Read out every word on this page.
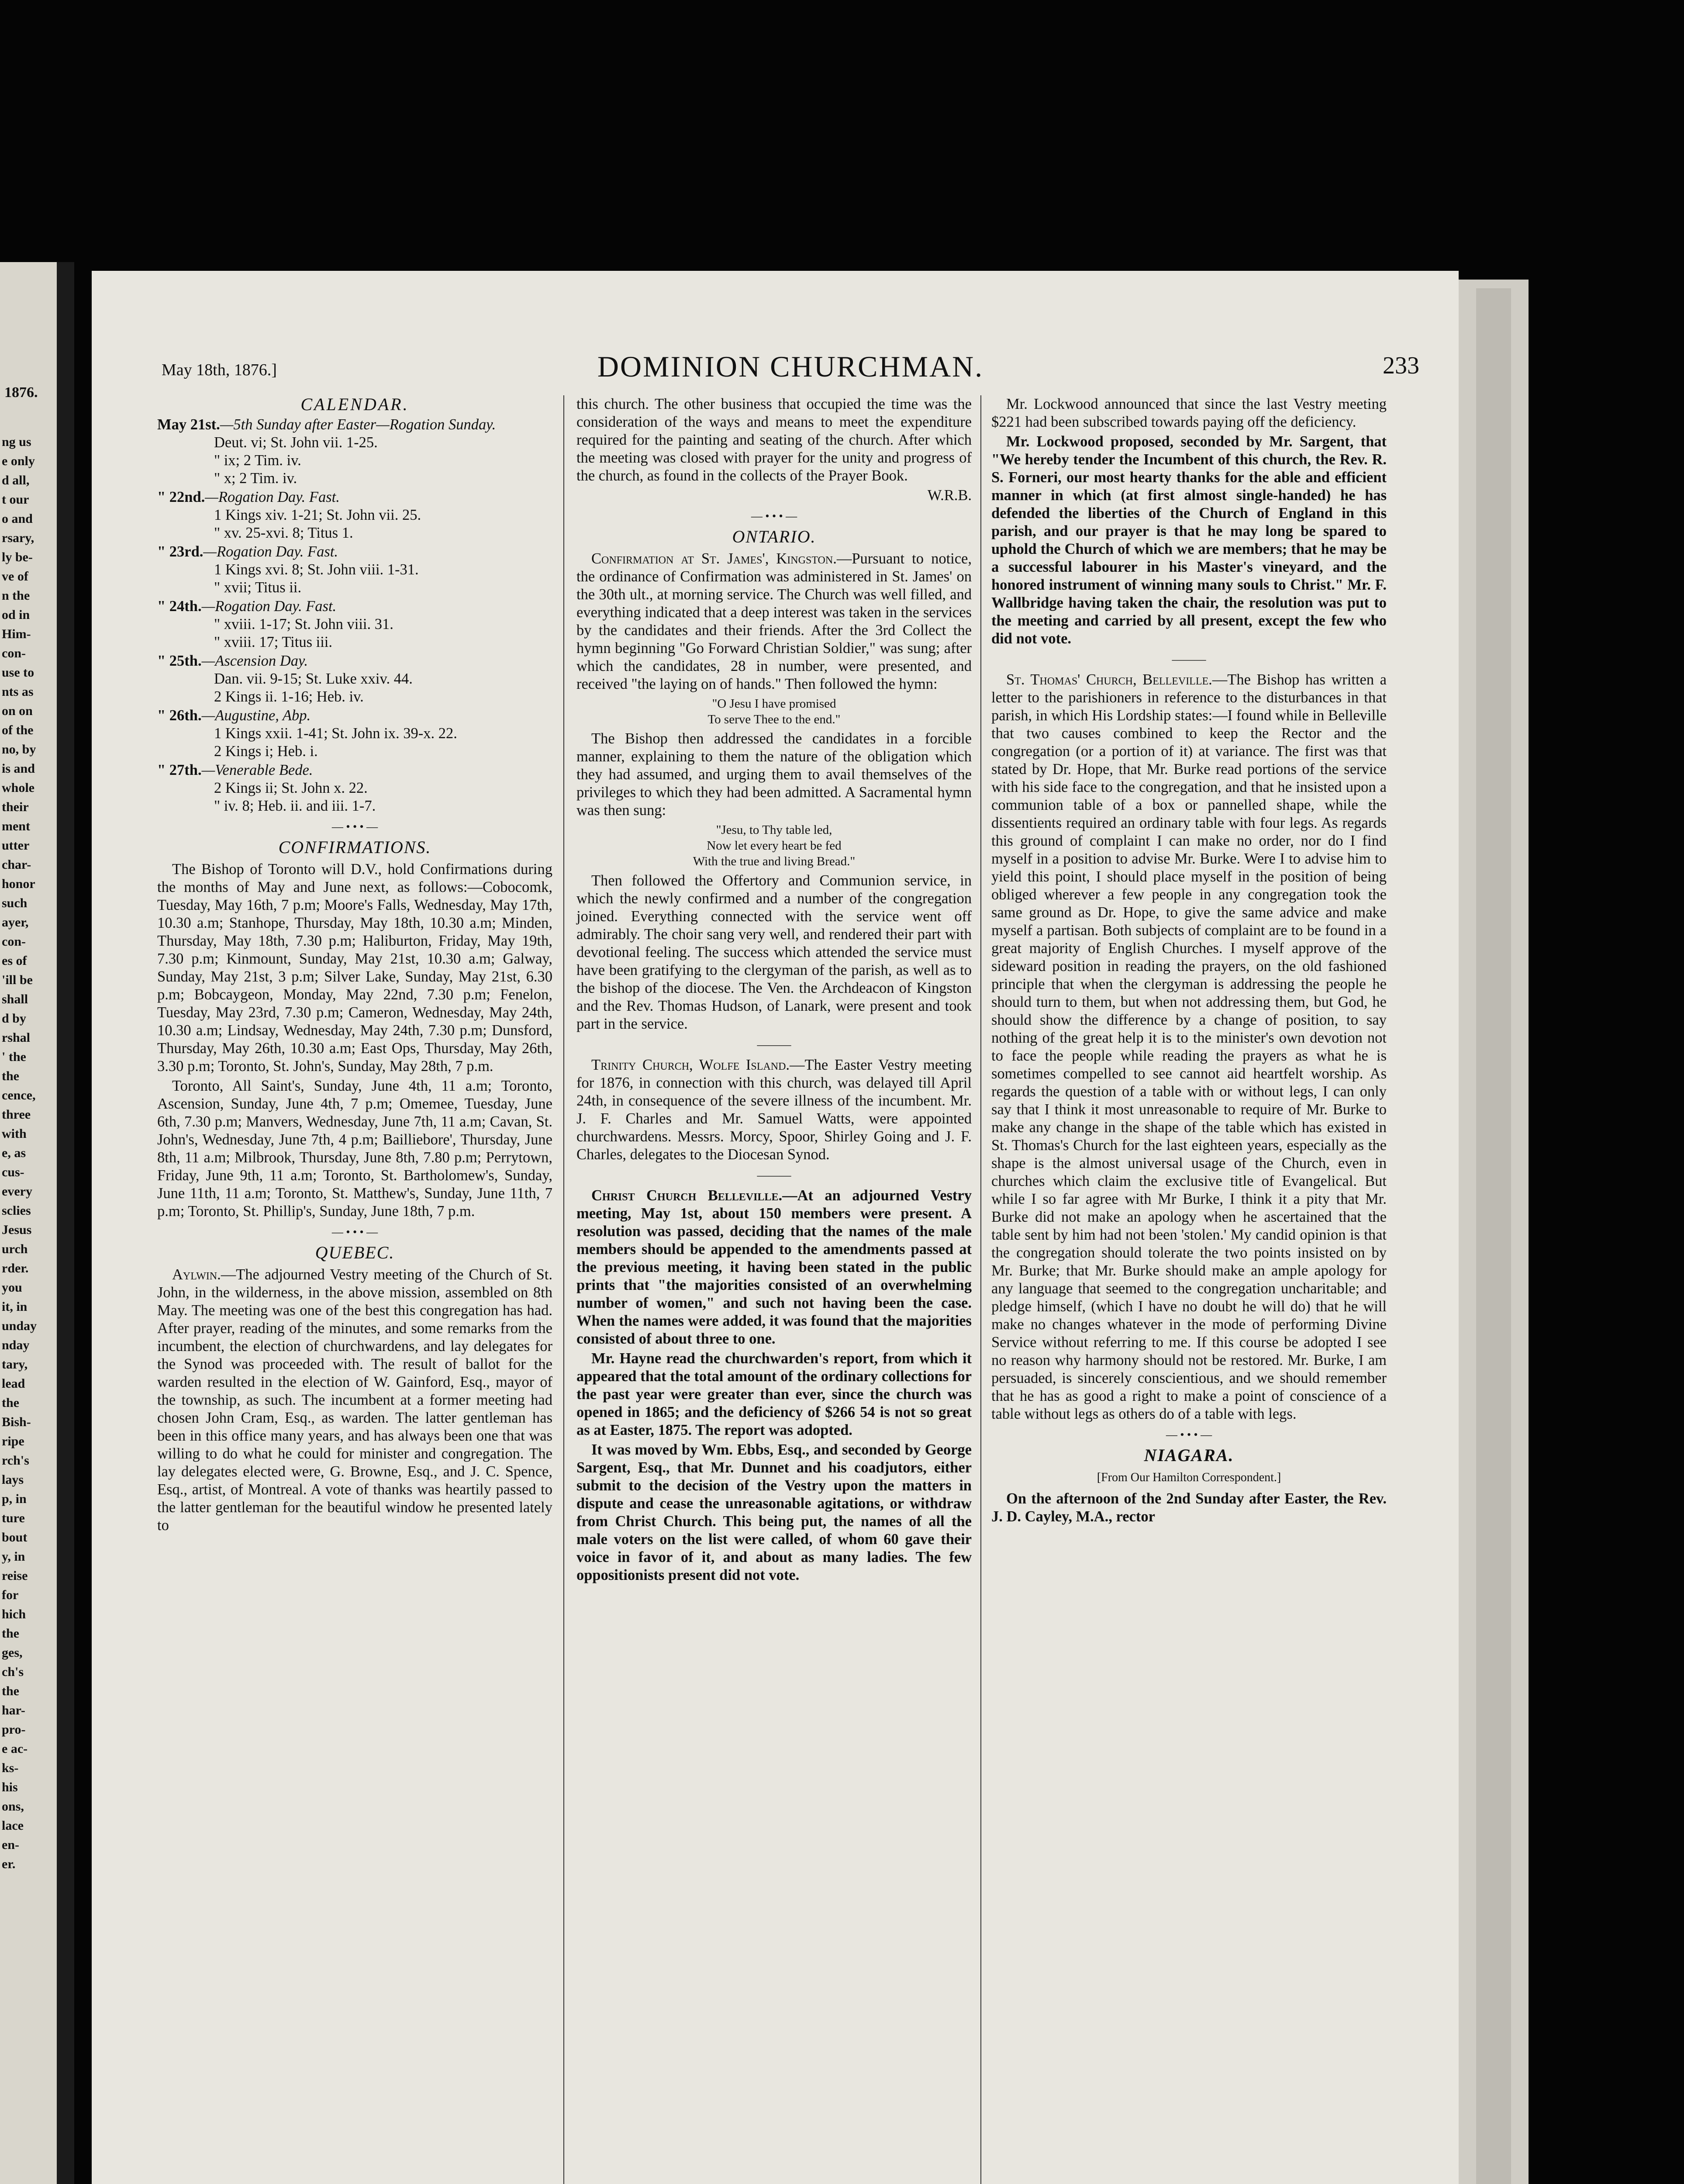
1876.
ng us
e only
d all,
t our
o and
rsary,
ly be-
ve of
n the
od in
Him-
con-
use to
nts as
on on
of the
no, by
is and
whole
their
ment
utter
char-
honor
such
ayer,
con-
es of
'ill be
shall
d by
rshal
' the
the
cence,
three
with
e, as
cus-
every
sclies
Jesus
urch
rder.
you
it, in
unday
nday
tary,
lead
the
Bish-
ripe
rch's
lays
p, in
ture
bout
y, in
reise
for
hich
the
ges,
ch's
the
har-
pro-
e ac-
ks-
his
ons,
lace
en-
er.
May 18th, 1876.]	DOMINION CHURCHMAN.	233
CALENDAR.
May 21st.—5th Sunday after Easter—Rogation Sunday.
Deut. vi; St. John vii. 1-25.
" ix; 2 Tim. iv.
" x; 2 Tim. iv.
" 22nd.—Rogation Day. Fast.
1 Kings xiv. 1-21; St. John vii. 25.
" xv. 25-xvi. 8; Titus 1.
" 23rd.—Rogation Day. Fast.
1 Kings xvi. 8; St. John viii. 1-31.
" xvii; Titus ii.
" 24th.—Rogation Day. Fast.
" xviii. 1-17; St. John viii. 31.
" xviii. 17; Titus iii.
" 25th.—Ascension Day.
Dan. vii. 9-15; St. Luke xxiv. 44.
2 Kings ii. 1-16; Heb. iv.
" 26th.—Augustine, Abp.
1 Kings xxii. 1-41; St. John ix. 39-x. 22.
2 Kings i; Heb. i.
" 27th.—Venerable Bede.
2 Kings ii; St. John x. 22.
" iv. 8; Heb. ii. and iii. 1-7.
— • • • —
CONFIRMATIONS.

The Bishop of Toronto will D.V., hold Confirmations during the months of May and June next, as follows:—Cobocomk, Tuesday, May 16th, 7 p.m; Moore's Falls, Wednesday, May 17th, 10.30 a.m; Stanhope, Thursday, May 18th, 10.30 a.m; Minden, Thursday, May 18th, 7.30 p.m; Haliburton, Friday, May 19th, 7.30 p.m; Kinmount, Sunday, May 21st, 10.30 a.m; Galway, Sunday, May 21st, 3 p.m; Silver Lake, Sunday, May 21st, 6.30 p.m; Bobcaygeon, Monday, May 22nd, 7.30 p.m; Fenelon, Tuesday, May 23rd, 7.30 p.m; Cameron, Wednesday, May 24th, 10.30 a.m; Lindsay, Wednesday, May 24th, 7.30 p.m; Dunsford, Thursday, May 26th, 10.30 a.m; East Ops, Thursday, May 26th, 3.30 p.m; Toronto, St. John's, Sunday, May 28th, 7 p.m.

Toronto, All Saint's, Sunday, June 4th, 11 a.m; Toronto, Ascension, Sunday, June 4th, 7 p.m; Omemee, Tuesday, June 6th, 7.30 p.m; Manvers, Wednesday, June 7th, 11 a.m; Cavan, St. John's, Wednesday, June 7th, 4 p.m; Bailliebore', Thursday, June 8th, 11 a.m; Milbrook, Thursday, June 8th, 7.80 p.m; Perrytown, Friday, June 9th, 11 a.m; Toronto, St. Bartholomew's, Sunday, June 11th, 11 a.m; Toronto, St. Matthew's, Sunday, June 11th, 7 p.m; Toronto, St. Phillip's, Sunday, June 18th, 7 p.m.

— • • • —
QUEBEC.

Aylwin.—The adjourned Vestry meeting of the Church of St. John, in the wilderness, in the above mission, assembled on 8th May. The meeting was one of the best this congregation has had. After prayer, reading of the minutes, and some remarks from the incumbent, the election of churchwardens, and lay delegates for the Synod was proceeded with. The result of ballot for the warden resulted in the election of W. Gainford, Esq., mayor of the township, as such. The incumbent at a former meeting had chosen John Cram, Esq., as warden. The latter gentleman has been in this office many years, and has always been one that was willing to do what he could for minister and congregation. The lay delegates elected were, G. Browne, Esq., and J. C. Spence, Esq., artist, of Montreal. A vote of thanks was heartily passed to the latter gentleman for the beautiful window he presented lately to

this church. The other business that occupied the time was the consideration of the ways and means to meet the expenditure required for the painting and seating of the church. After which the meeting was closed with prayer for the unity and progress of the church, as found in the collects of the Prayer Book.

W.R.B.
— • • • —
ONTARIO.

Confirmation at St. James', Kingston.—Pursuant to notice, the ordinance of Confirmation was administered in St. James' on the 30th ult., at morning service. The Church was well filled, and everything indicated that a deep interest was taken in the services by the candidates and their friends. After the 3rd Collect the hymn beginning "Go Forward Christian Soldier," was sung; after which the candidates, 28 in number, were presented, and received "the laying on of hands." Then followed the hymn:

"O Jesu I have promised
To serve Thee to the end."

The Bishop then addressed the candidates in a forcible manner, explaining to them the nature of the obligation which they had assumed, and urging them to avail themselves of the privileges to which they had been admitted. A Sacramental hymn was then sung:

"Jesu, to Thy table led,
Now let every heart be fed
With the true and living Bread."

Then followed the Offertory and Communion service, in which the newly confirmed and a number of the congregation joined. Everything connected with the service went off admirably. The choir sang very well, and rendered their part with devotional feeling. The success which attended the service must have been gratifying to the clergyman of the parish, as well as to the bishop of the diocese. The Ven. the Archdeacon of Kingston and the Rev. Thomas Hudson, of Lanark, were present and took part in the service.

———

Trinity Church, Wolfe Island.—The Easter Vestry meeting for 1876, in connection with this church, was delayed till April 24th, in consequence of the severe illness of the incumbent. Mr. J. F. Charles and Mr. Samuel Watts, were appointed churchwardens. Messrs. Morcy, Spoor, Shirley Going and J. F. Charles, delegates to the Diocesan Synod.

———

Christ Church Belleville.—At an adjourned Vestry meeting, May 1st, about 150 members were present. A resolution was passed, deciding that the names of the male members should be appended to the amendments passed at the previous meeting, it having been stated in the public prints that "the majorities consisted of an overwhelming number of women," and such not having been the case. When the names were added, it was found that the majorities consisted of about three to one.

Mr. Hayne read the churchwarden's report, from which it appeared that the total amount of the ordinary collections for the past year were greater than ever, since the church was opened in 1865; and the deficiency of $266 54 is not so great as at Easter, 1875. The report was adopted.

It was moved by Wm. Ebbs, Esq., and seconded by George Sargent, Esq., that Mr. Dunnet and his coadjutors, either submit to the decision of the Vestry upon the matters in dispute and cease the unreasonable agitations, or withdraw from Christ Church. This being put, the names of all the male voters on the list were called, of whom 60 gave their voice in favor of it, and about as many ladies. The few oppositionists present did not vote.

Mr. Lockwood announced that since the last Vestry meeting $221 had been subscribed towards paying off the deficiency.

Mr. Lockwood proposed, seconded by Mr. Sargent, that "We hereby tender the Incumbent of this church, the Rev. R. S. Forneri, our most hearty thanks for the able and efficient manner in which (at first almost single-handed) he has defended the liberties of the Church of England in this parish, and our prayer is that he may long be spared to uphold the Church of which we are members; that he may be a successful labourer in his Master's vineyard, and the honored instrument of winning many souls to Christ." Mr. F. Wallbridge having taken the chair, the resolution was put to the meeting and carried by all present, except the few who did not vote.

———

St. Thomas' Church, Belleville.—The Bishop has written a letter to the parishioners in reference to the disturbances in that parish, in which His Lordship states:—I found while in Belleville that two causes combined to keep the Rector and the congregation (or a portion of it) at variance. The first was that stated by Dr. Hope, that Mr. Burke read portions of the service with his side face to the congregation, and that he insisted upon a communion table of a box or pannelled shape, while the dissentients required an ordinary table with four legs. As regards this ground of complaint I can make no order, nor do I find myself in a position to advise Mr. Burke. Were I to advise him to yield this point, I should place myself in the position of being obliged wherever a few people in any congregation took the same ground as Dr. Hope, to give the same advice and make myself a partisan. Both subjects of complaint are to be found in a great majority of English Churches. I myself approve of the sideward position in reading the prayers, on the old fashioned principle that when the clergyman is addressing the people he should turn to them, but when not addressing them, but God, he should show the difference by a change of position, to say nothing of the great help it is to the minister's own devotion not to face the people while reading the prayers as what he is sometimes compelled to see cannot aid heartfelt worship. As regards the question of a table with or without legs, I can only say that I think it most unreasonable to require of Mr. Burke to make any change in the shape of the table which has existed in St. Thomas's Church for the last eighteen years, especially as the shape is the almost universal usage of the Church, even in churches which claim the exclusive title of Evangelical. But while I so far agree with Mr Burke, I think it a pity that Mr. Burke did not make an apology when he ascertained that the table sent by him had not been 'stolen.' My candid opinion is that the congregation should tolerate the two points insisted on by Mr. Burke; that Mr. Burke should make an ample apology for any language that seemed to the congregation uncharitable; and pledge himself, (which I have no doubt he will do) that he will make no changes whatever in the mode of performing Divine Service without referring to me. If this course be adopted I see no reason why harmony should not be restored. Mr. Burke, I am persuaded, is sincerely conscientious, and we should remember that he has as good a right to make a point of conscience of a table without legs as others do of a table with legs.

— • • • —
NIAGARA.
[From Our Hamilton Correspondent.]

On the afternoon of the 2nd Sunday after Easter, the Rev. J. D. Cayley, M.A., rector
